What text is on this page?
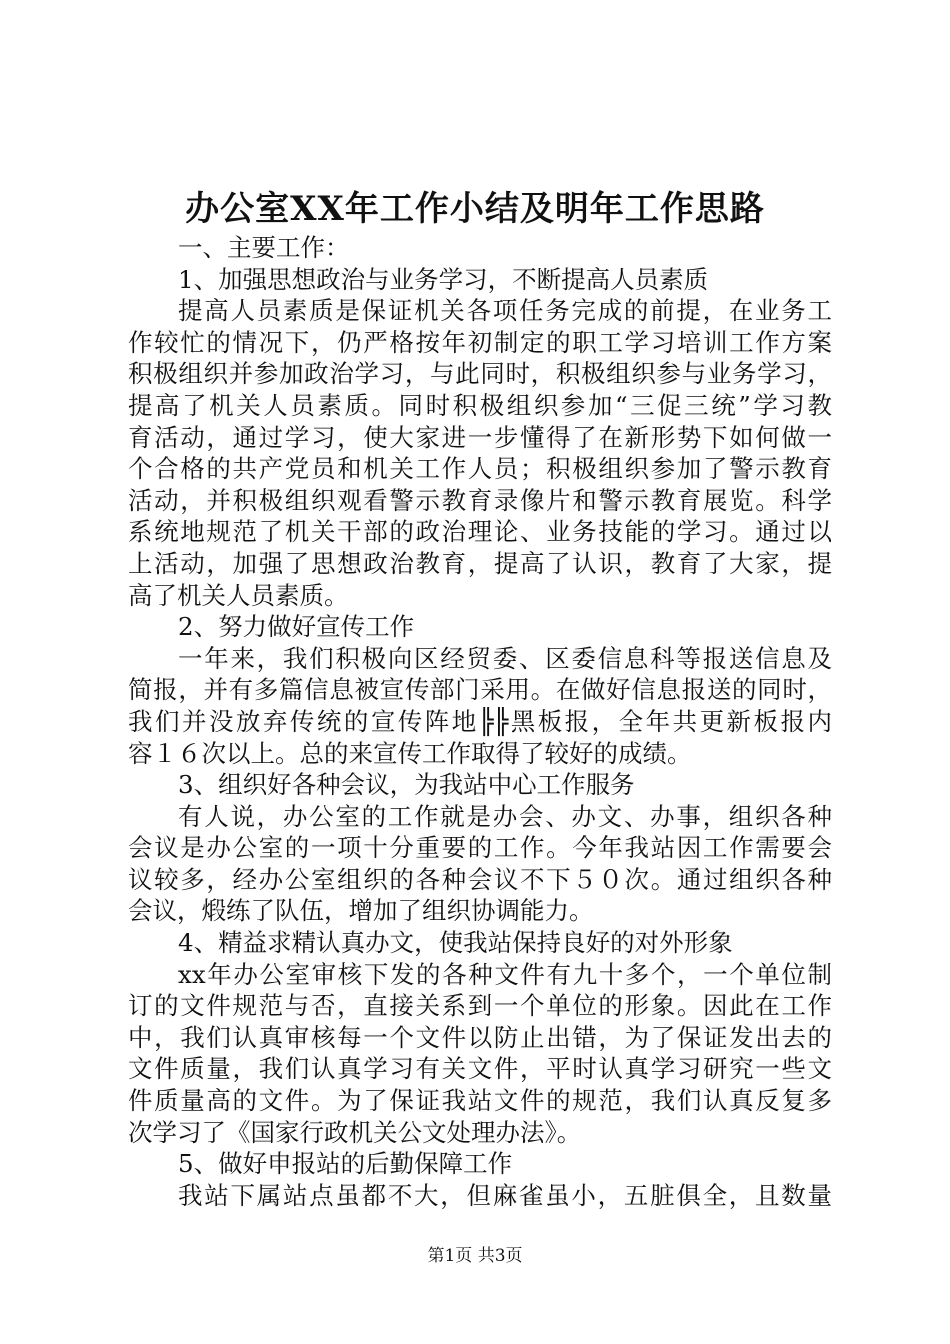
办公室XX年工作小结及明年工作思路
一、主要工作：
1、加强思想政治与业务学习，不断提高人员素质
提高人员素质是保证机关各项任务完成的前提，在业务工
作较忙的情况下，仍严格按年初制定的职工学习培训工作方案
积极组织并参加政治学习，与此同时，积极组织参与业务学习，
提高了机关人员素质。同时积极组织参加“三促三统”学习教
育活动，通过学习，使大家进一步懂得了在新形势下如何做一
个合格的共产党员和机关工作人员；积极组织参加了警示教育
活动，并积极组织观看警示教育录像片和警示教育展览。科学
系统地规范了机关干部的政治理论、业务技能的学习。通过以
上活动，加强了思想政治教育，提高了认识，教育了大家，提
高了机关人员素质。
2、努力做好宣传工作
一年来，我们积极向区经贸委、区委信息科等报送信息及
简报，并有多篇信息被宣传部门采用。在做好信息报送的同时，
我们并没放弃传统的宣传阵地╠╠黑板报，全年共更新板报内
容１６次以上。总的来宣传工作取得了较好的成绩。
3、组织好各种会议，为我站中心工作服务
有人说，办公室的工作就是办会、办文、办事，组织各种
会议是办公室的一项十分重要的工作。今年我站因工作需要会
议较多，经办公室组织的各种会议不下５０次。通过组织各种
会议，煅练了队伍，增加了组织协调能力。
4、精益求精认真办文，使我站保持良好的对外形象
xx年办公室审核下发的各种文件有九十多个，一个单位制
订的文件规范与否，直接关系到一个单位的形象。因此在工作
中，我们认真审核每一个文件以防止出错，为了保证发出去的
文件质量，我们认真学习有关文件，平时认真学习研究一些文
件质量高的文件。为了保证我站文件的规范，我们认真反复多
次学习了《国家行政机关公文处理办法》。
5、做好申报站的后勤保障工作
我站下属站点虽都不大，但麻雀虽小，五脏俱全，且数量
第1页 共3页
